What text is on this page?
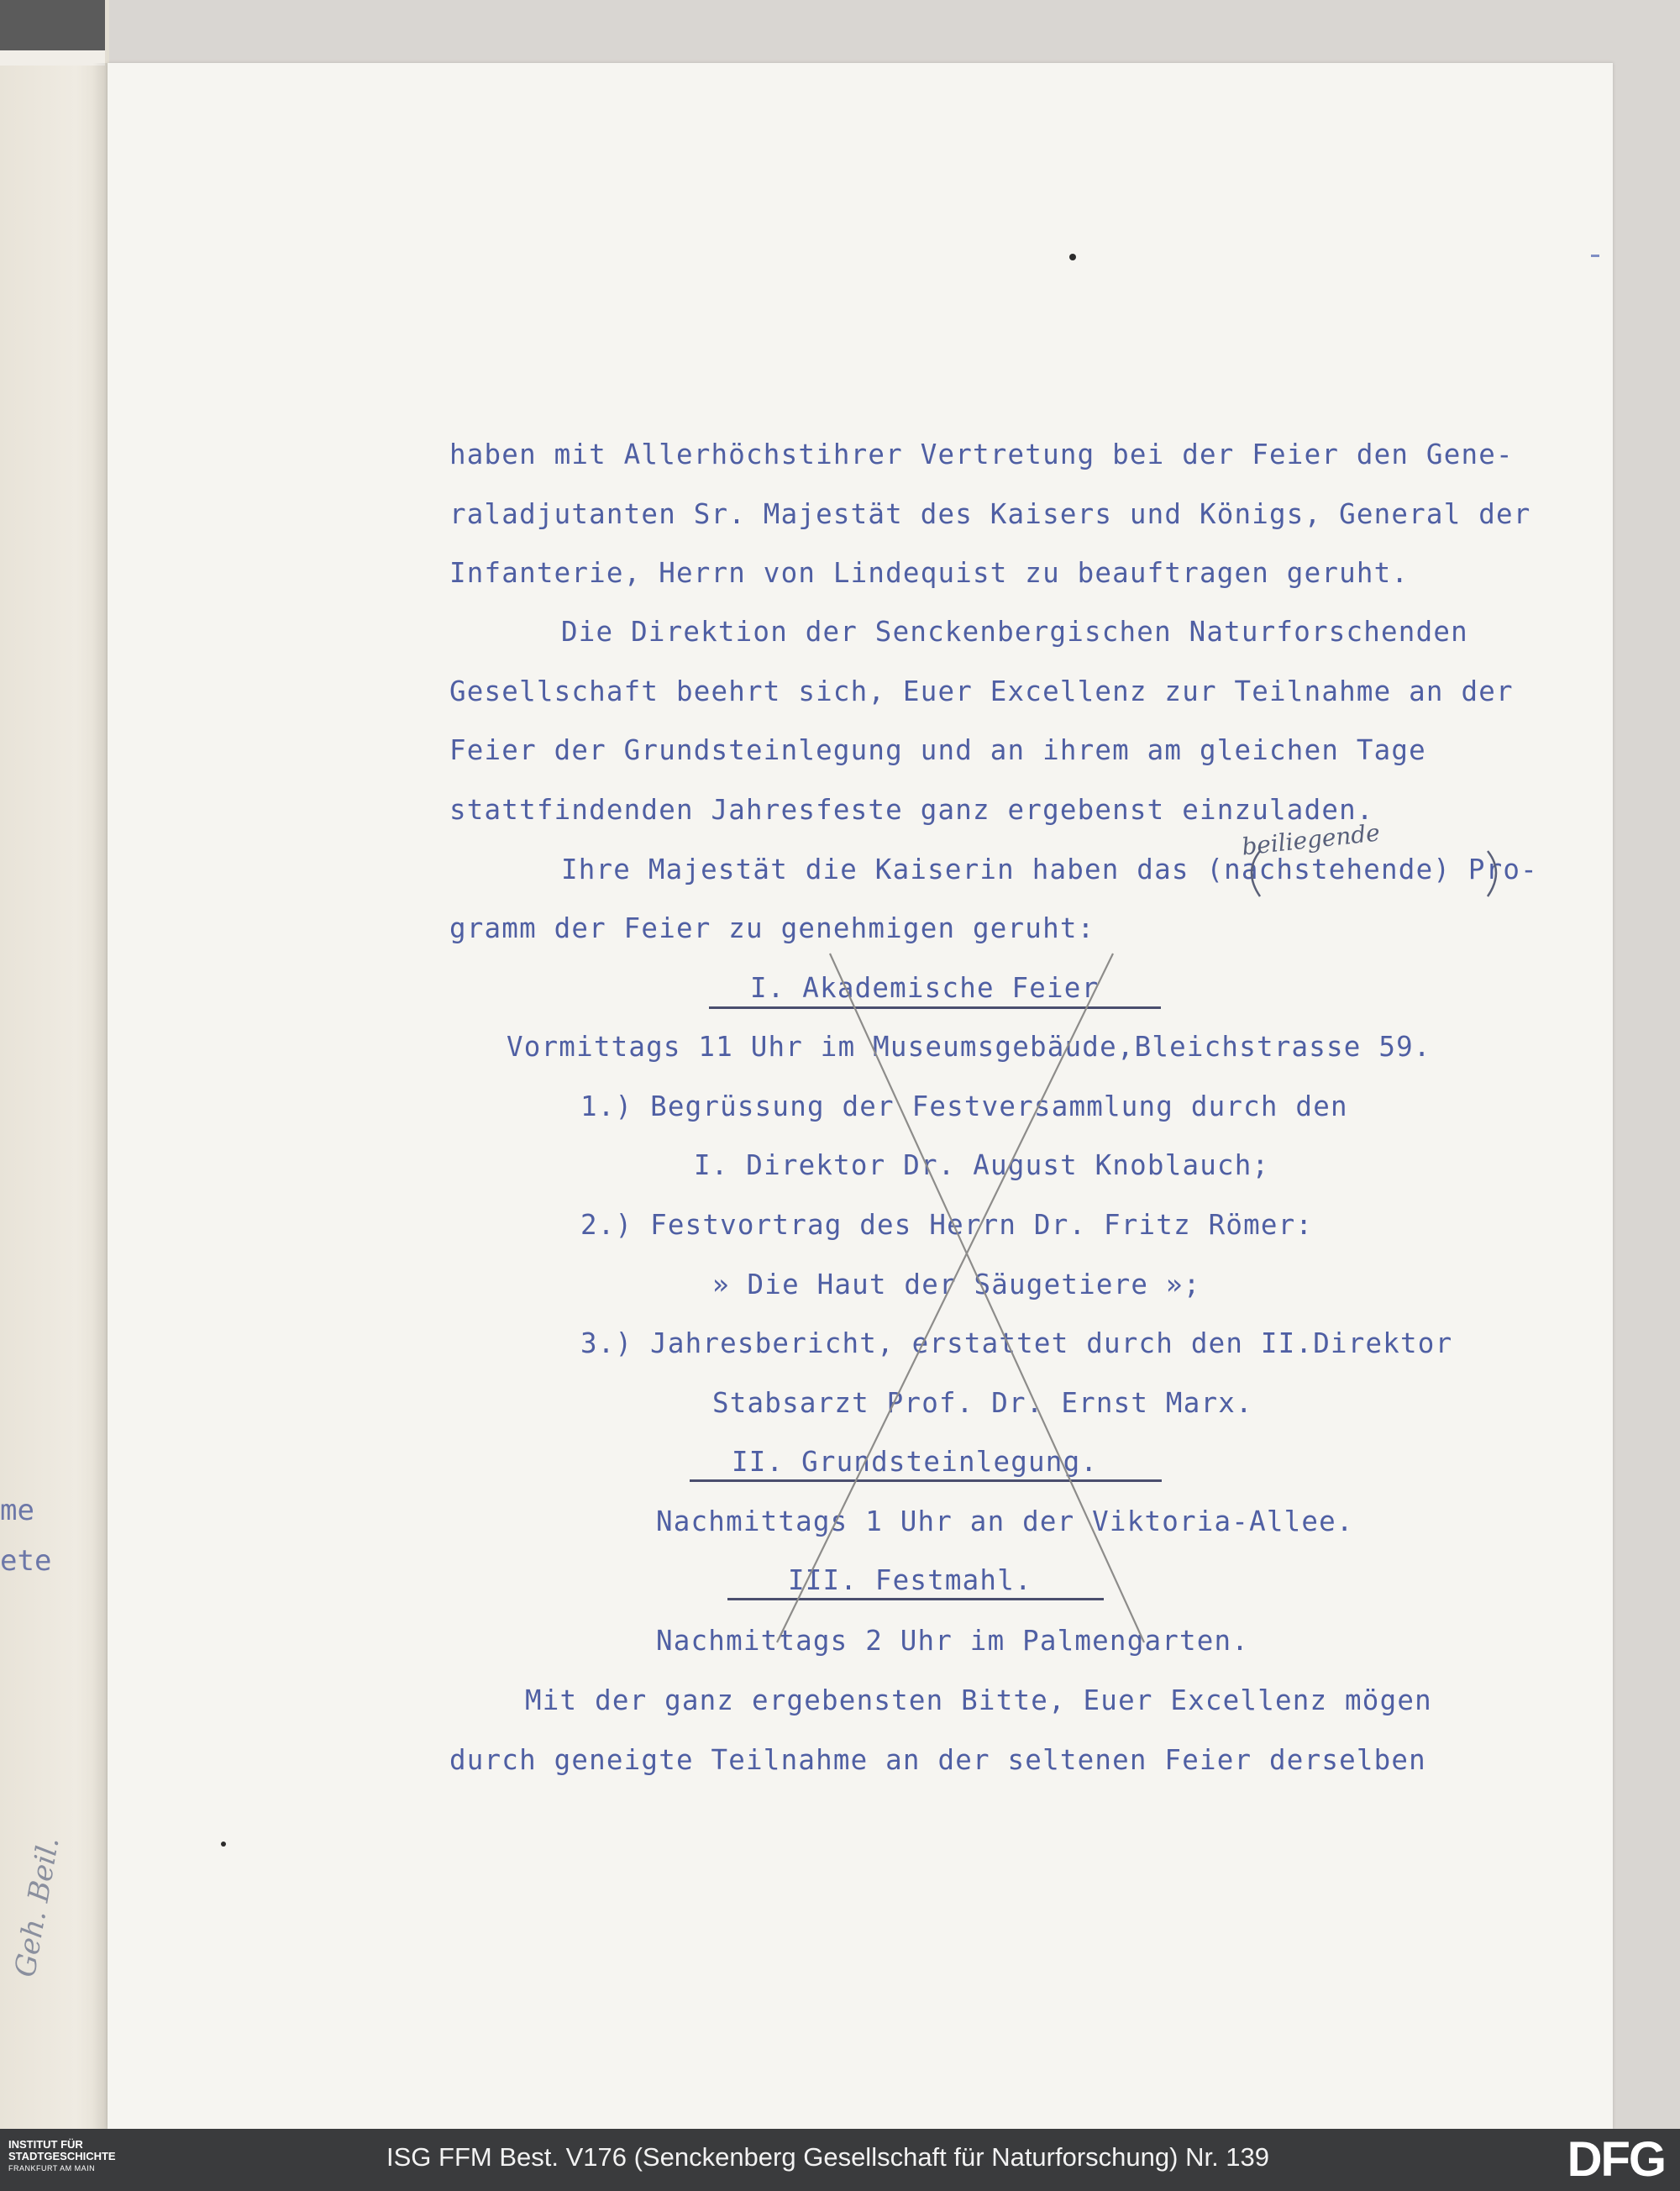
me
ete
Geh. Beil.
haben mit Allerhöchstihrer Vertretung bei der Feier den Gene-
raladjutanten Sr. Majestät des Kaisers und Königs, General der
Infanterie, Herrn von Lindequist zu beauftragen geruht.
Die Direktion der Senckenbergischen Naturforschenden
Gesellschaft beehrt sich, Euer Excellenz zur Teilnahme an der
Feier der Grundsteinlegung und an ihrem am gleichen Tage
stattfindenden Jahresfeste ganz ergebenst einzuladen.
Ihre Majestät die Kaiserin haben das (nachstehende) Pro-
beiliegende
gramm der Feier zu genehmigen geruht:
I. Akademische Feier
Vormittags 11 Uhr im Museumsgebäude,Bleichstrasse 59.
1.) Begrüssung der Festversammlung durch den
I. Direktor Dr. August Knoblauch;
2.) Festvortrag des Herrn Dr. Fritz Römer:
» Die Haut der Säugetiere »;
3.) Jahresbericht, erstattet durch den II.Direktor
Stabsarzt Prof. Dr. Ernst Marx.
II. Grundsteinlegung.
Nachmittags 1 Uhr an der Viktoria-Allee.
III. Festmahl.
Nachmittags 2 Uhr im Palmengarten.
Mit der ganz ergebensten Bitte, Euer Excellenz mögen
durch geneigte Teilnahme an der seltenen Feier derselben
INSTITUT FÜR
STADTGESCHICHTE
FRANKFURT AM MAIN	ISG FFM Best. V176 (Senckenberg Gesellschaft für Naturforschung) Nr. 139	DFG
